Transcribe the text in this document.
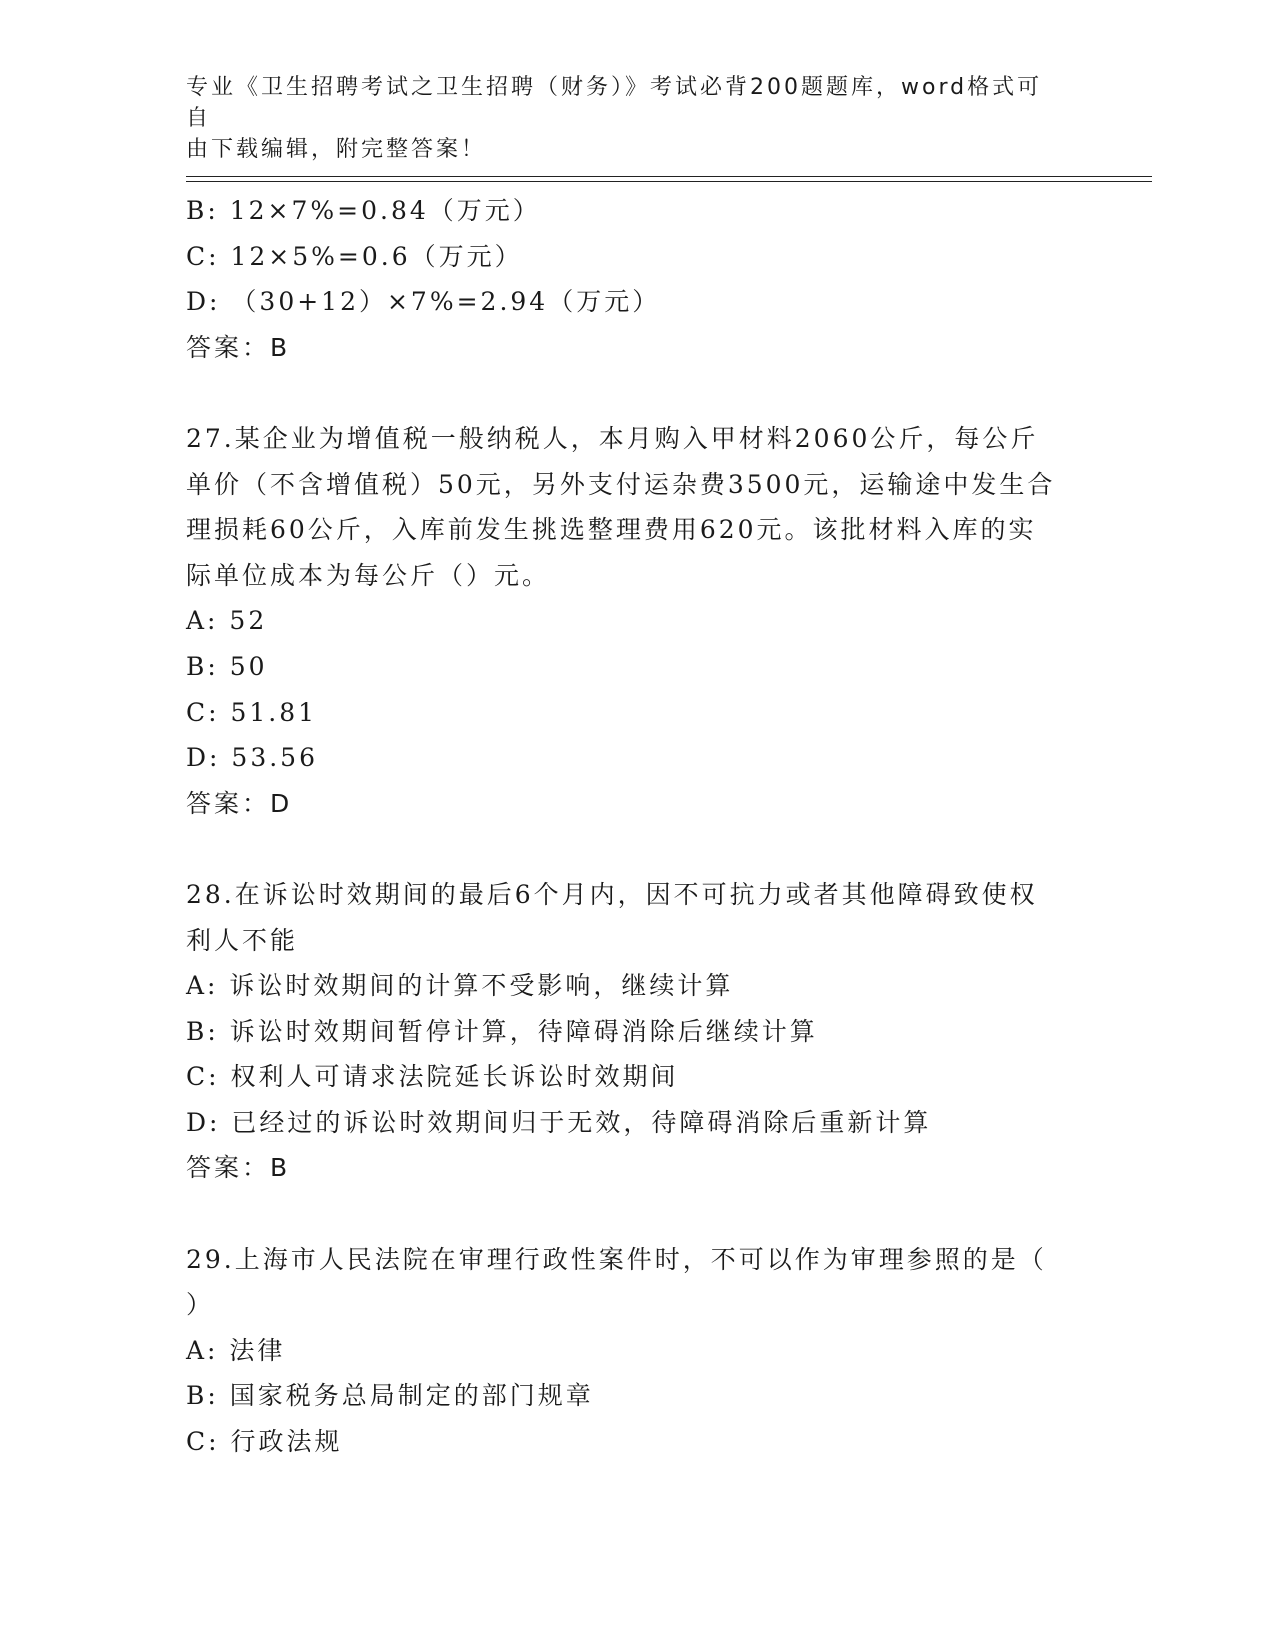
专业《卫生招聘考试之卫生招聘（财务）》考试必背200题题库，word格式可自
由下载编辑，附完整答案！
B: 12×7%=0.84（万元）
C: 12×5%=0.6（万元）
D: （30+12）×7%=2.94（万元）
答案：B
27.某企业为增值税一般纳税人，本月购入甲材料2060公斤，每公斤
单价（不含增值税）50元，另外支付运杂费3500元，运输途中发生合
理损耗60公斤，入库前发生挑选整理费用620元。该批材料入库的实
际单位成本为每公斤（）元。
A: 52
B: 50
C: 51.81
D: 53.56
答案：D
28.在诉讼时效期间的最后6个月内，因不可抗力或者其他障碍致使权
利人不能
A: 诉讼时效期间的计算不受影响，继续计算
B: 诉讼时效期间暂停计算，待障碍消除后继续计算
C: 权利人可请求法院延长诉讼时效期间
D: 已经过的诉讼时效期间归于无效，待障碍消除后重新计算
答案：B
29.上海市人民法院在审理行政性案件时，不可以作为审理参照的是（
）
A: 法律
B: 国家税务总局制定的部门规章
C: 行政法规
